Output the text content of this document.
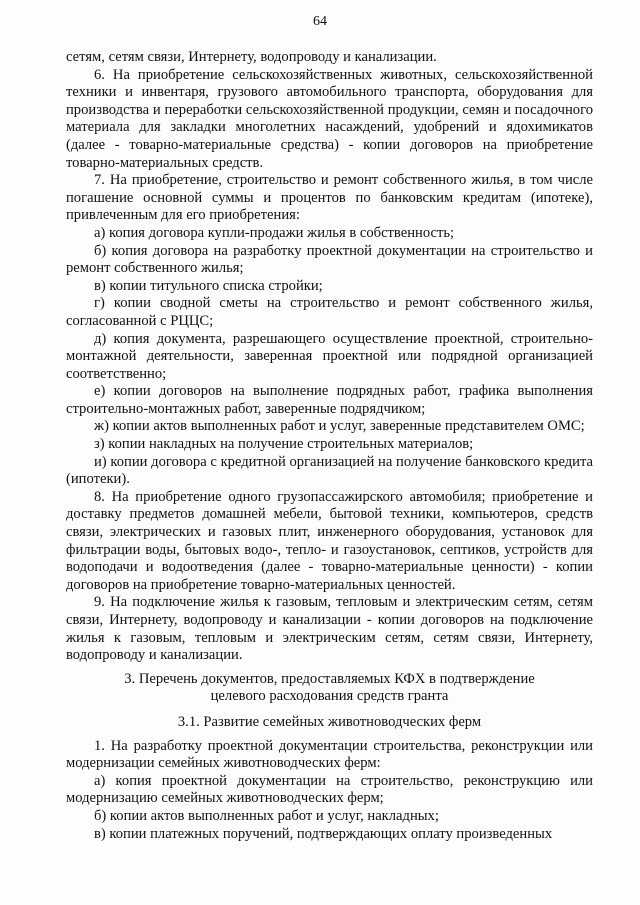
64

сетям, сетям связи, Интернету, водопроводу и канализации.

6. На приобретение сельскохозяйственных животных, сельскохозяйственной техники и инвентаря, грузового автомобильного транспорта, оборудования для производства и переработки сельскохозяйственной продукции, семян и посадочного материала для закладки многолетних насаждений, удобрений и ядохимикатов (далее - товарно-материальные средства) - копии договоров на приобретение товарно-материальных средств.

7. На приобретение, строительство и ремонт собственного жилья, в том числе погашение основной суммы и процентов по банковским кредитам (ипотеке), привлеченным для его приобретения:

а) копия договора купли-продажи жилья в собственность;

б) копия договора на разработку проектной документации на строительство и ремонт собственного жилья;

в) копии титульного списка стройки;

г) копии сводной сметы на строительство и ремонт собственного жилья, согласованной с РЦЦС;

д) копия документа, разрешающего осуществление проектной, строительно-монтажной деятельности, заверенная проектной или подрядной организацией соответственно;

е) копии договоров на выполнение подрядных работ, графика выполнения строительно-монтажных работ, заверенные подрядчиком;

ж) копии актов выполненных работ и услуг, заверенные представителем ОМС;

з) копии накладных на получение строительных материалов;

и) копии договора с кредитной организацией на получение банковского кредита (ипотеки).

8. На приобретение одного грузопассажирского автомобиля; приобретение и доставку предметов домашней мебели, бытовой техники, компьютеров, средств связи, электрических и газовых плит, инженерного оборудования, установок для фильтрации воды, бытовых водо-, тепло- и газоустановок, септиков, устройств для водоподачи и водоотведения (далее - товарно-материальные ценности) - копии договоров на приобретение товарно-материальных ценностей.

9. На подключение жилья к газовым, тепловым и электрическим сетям, сетям связи, Интернету, водопроводу и канализации - копии договоров на подключение жилья к газовым, тепловым и электрическим сетям, сетям связи, Интернету, водопроводу и канализации.

3. Перечень документов, предоставляемых КФХ в подтверждение
целевого расходования средств гранта
3.1. Развитие семейных животноводческих ферм

1. На разработку проектной документации строительства, реконструкции или модернизации семейных животноводческих ферм:

а) копия проектной документации на строительство, реконструкцию или модернизацию семейных животноводческих ферм;

б) копии актов выполненных работ и услуг, накладных;

в) копии платежных поручений, подтверждающих оплату произведенных
